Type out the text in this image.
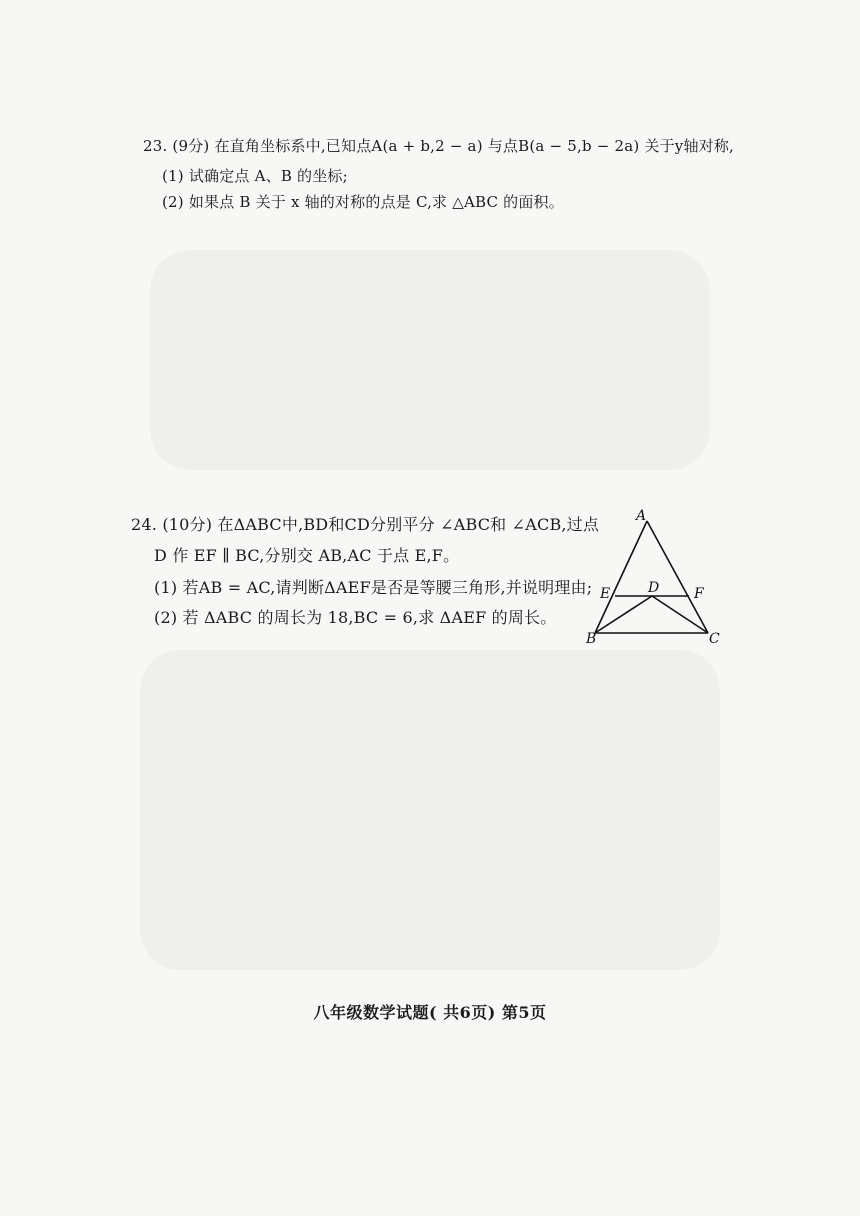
23. (9分) 在直角坐标系中,已知点A(a + b,2 − a) 与点B(a − 5,b − 2a) 关于y轴对称,
(1) 试确定点 A、B 的坐标;
(2) 如果点 B 关于 x 轴的对称的点是 C,求 △ABC 的面积。
24. (10分) 在ΔABC中,BD和CD分别平分 ∠ABC和 ∠ACB,过点
D 作 EF ∥ BC,分别交 AB,AC 于点 E,F。
(1) 若AB = AC,请判断ΔAEF是否是等腰三角形,并说明理由;
(2) 若 ΔABC 的周长为 18,BC = 6,求 ΔAEF 的周长。
A
E	D F
B	C
八年级数学试题( 共6页) 第5页
